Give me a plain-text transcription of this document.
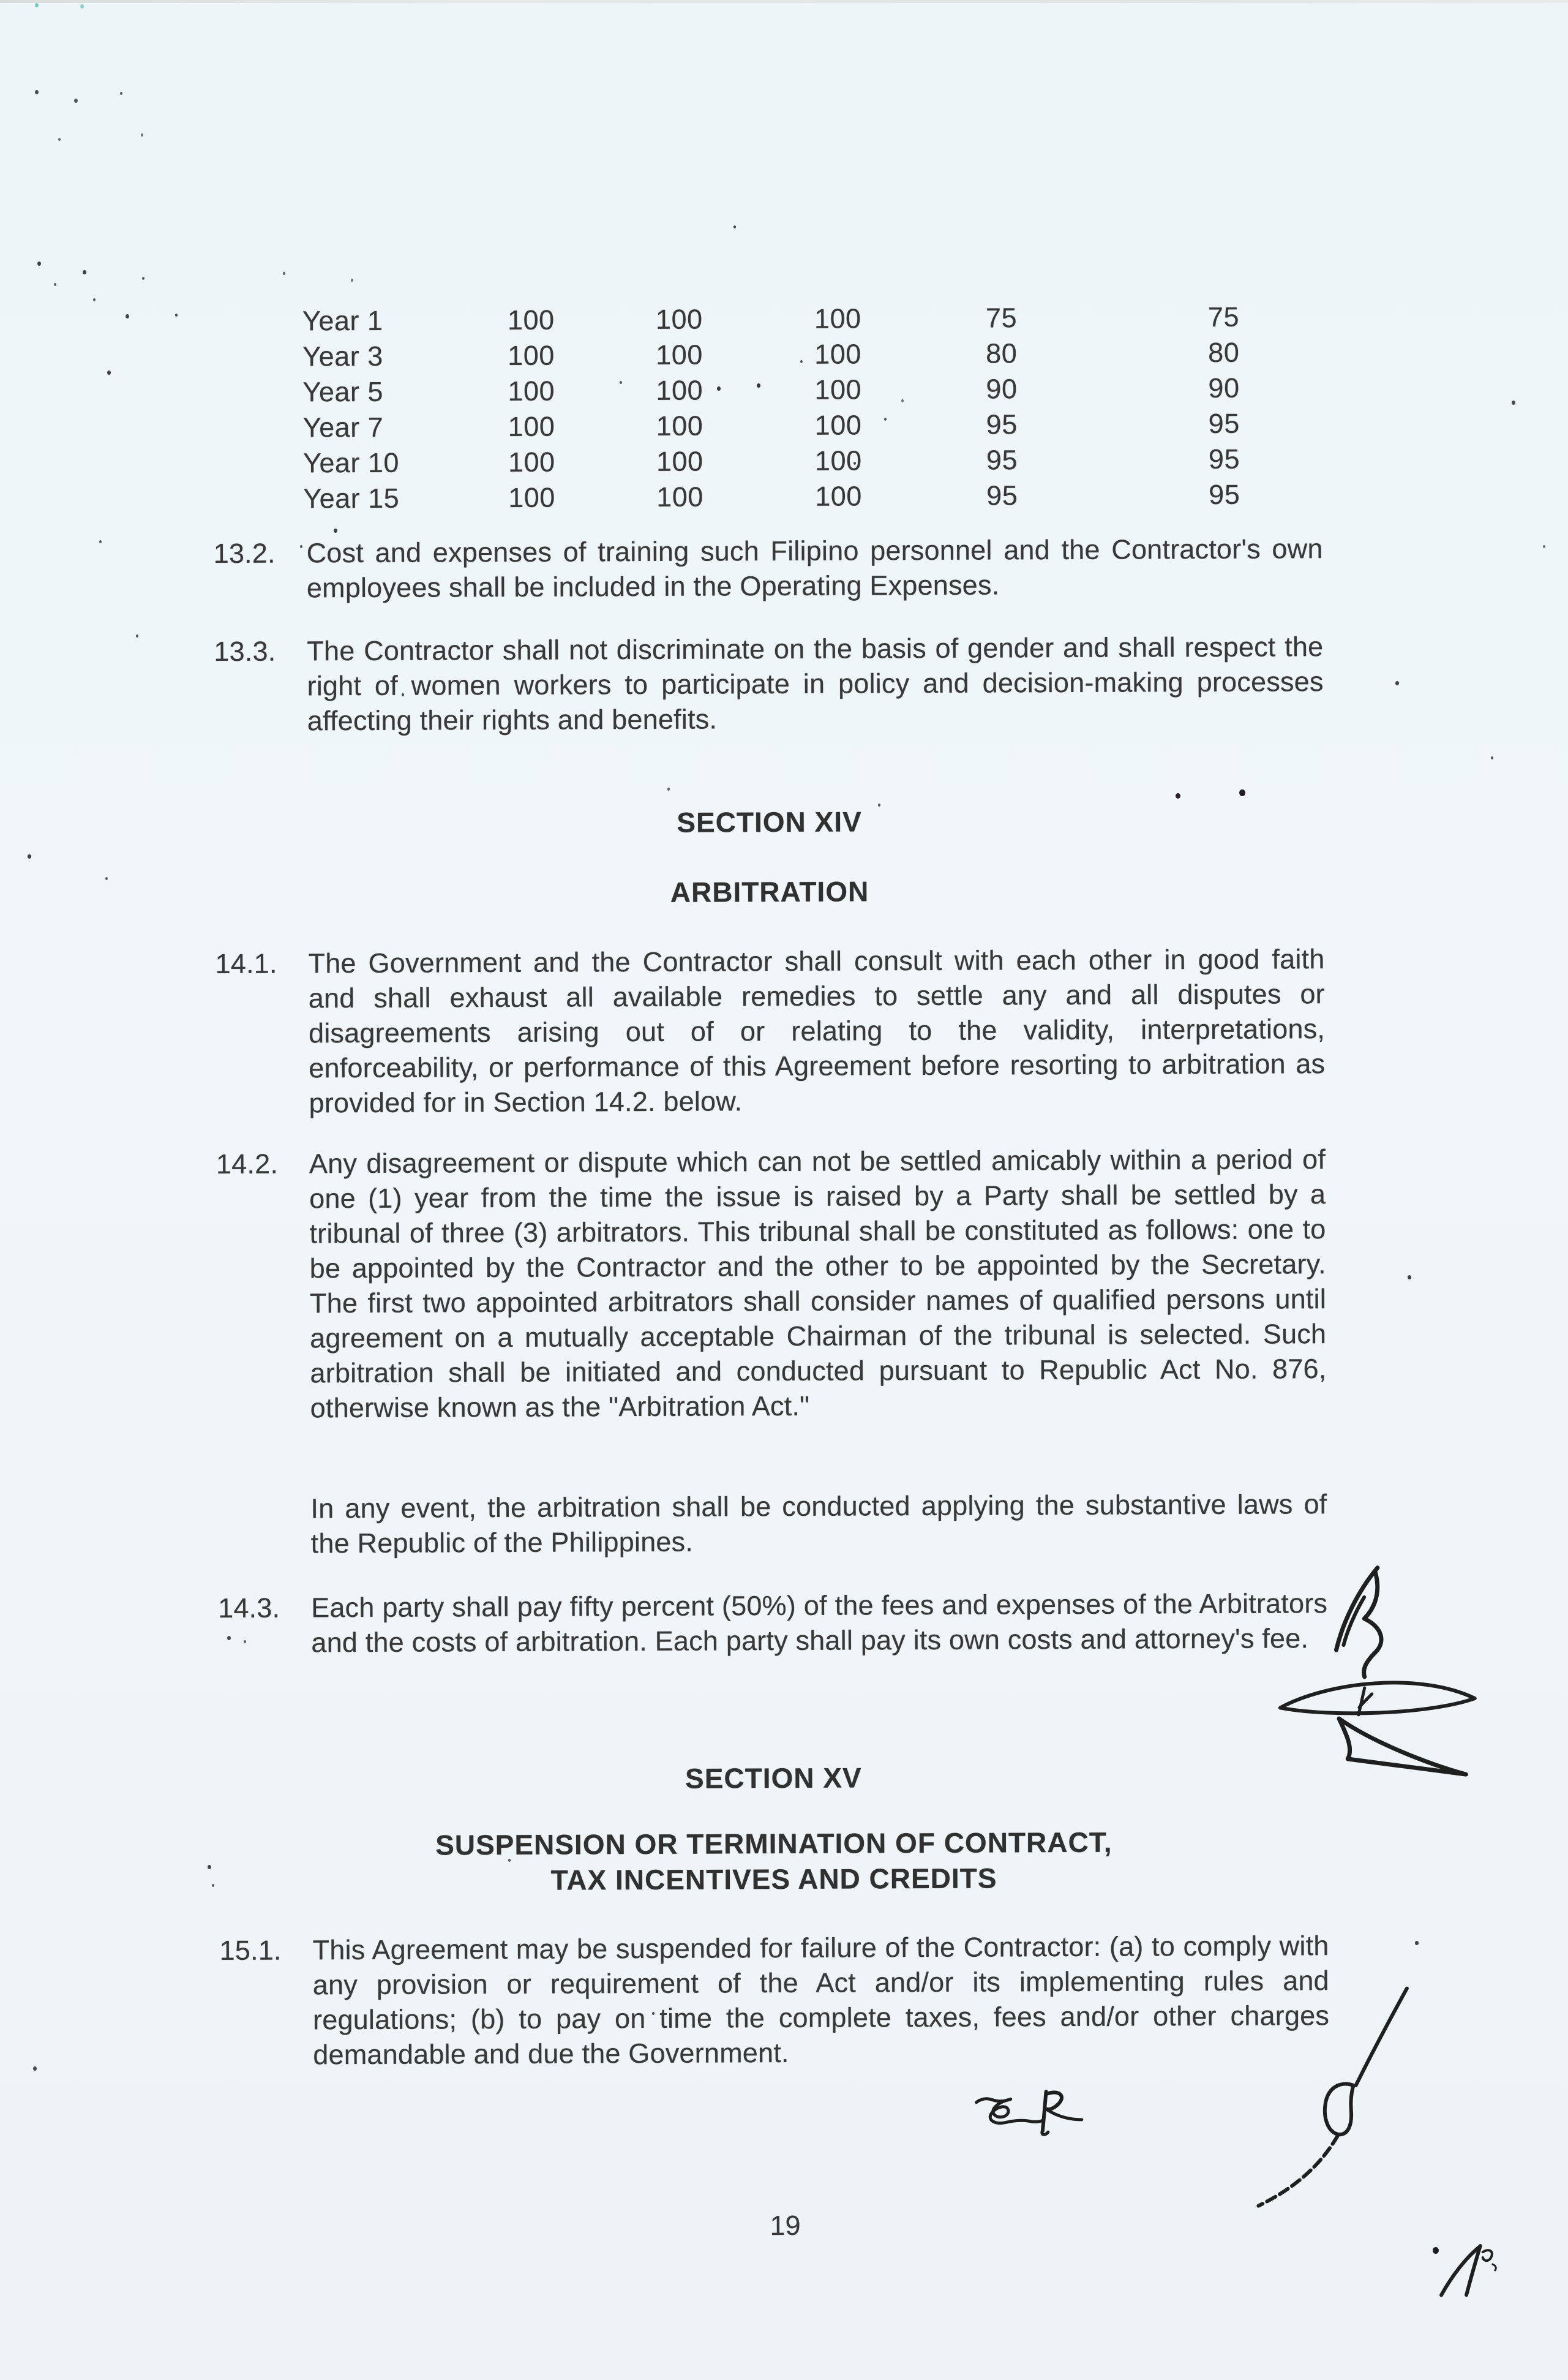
Year 1	100	100	100	75	75
Year 3	100	100	100	80	80
Year 5	100	100	100	90	90
Year 7	100	100	100	95	95
Year 10	100	100	100	95	95
Year 15	100	100	100	95	95
13.2.	Cost and expenses of training such Filipino personnel and the Contractor's own employees shall be included in the Operating Expenses.
13.3.	The Contractor shall not discriminate on the basis of gender and shall respect the right of women workers to participate in policy and decision-making processes affecting their rights and benefits.
SECTION XIV
ARBITRATION
14.1.	The Government and the Contractor shall consult with each other in good faith and shall exhaust all available remedies to settle any and all disputes or disagreements arising out of or relating to the validity, interpretations, enforceability, or performance of this Agreement before resorting to arbitration as provided for in Section 14.2. below.
14.2.	Any disagreement or dispute which can not be settled amicably within a period of one (1) year from the time the issue is raised by a Party shall be settled by a tribunal of three (3) arbitrators. This tribunal shall be constituted as follows: one to be appointed by the Contractor and the other to be appointed by the Secretary. The first two appointed arbitrators shall consider names of qualified persons until agreement on a mutually acceptable Chairman of the tribunal is selected. Such arbitration shall be initiated and conducted pursuant to Republic Act No. 876, otherwise known as the "Arbitration Act."
In any event, the arbitration shall be conducted applying the substantive laws of the Republic of the Philippines.
14.3.	Each party shall pay fifty percent (50%) of the fees and expenses of the Arbitrators and the costs of arbitration. Each party shall pay its own costs and attorney's fee.
SECTION XV
SUSPENSION OR TERMINATION OF CONTRACT,
TAX INCENTIVES AND CREDITS
15.1.	This Agreement may be suspended for failure of the Contractor: (a) to comply with any provision or requirement of the Act and/or its implementing rules and regulations; (b) to pay on time the complete taxes, fees and/or other charges demandable and due the Government.
19
